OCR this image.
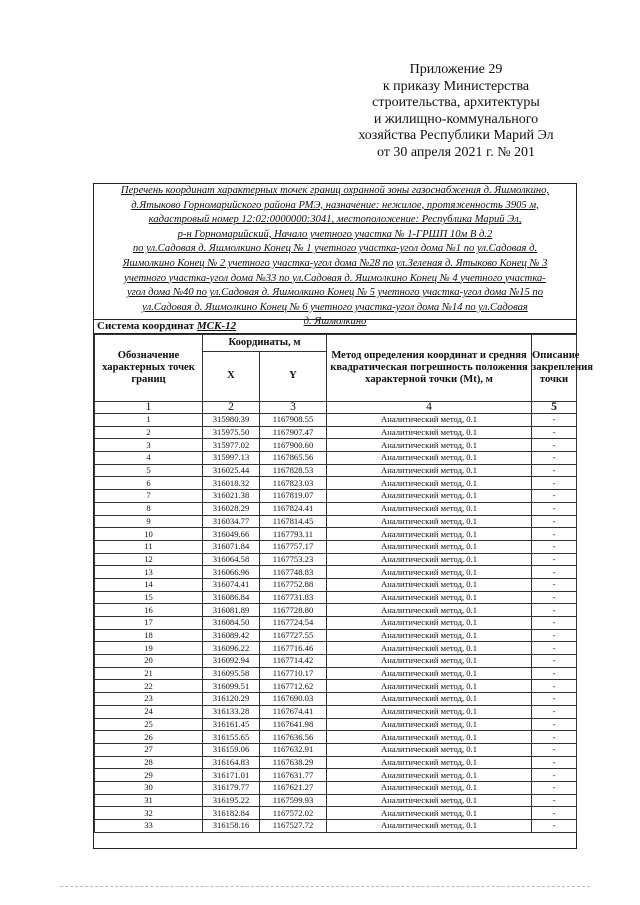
Приложение 29
к приказу Министерства
строительства, архитектуры
и жилищно-коммунального
хозяйства Республики Марий Эл
от 30 апреля 2021 г. № 201
Перечень координат характерных точек границ охранной зоны газоснабжения д. Яшмолкино,
д.Ятыково Горномарийского района РМЭ, назначение: нежилое, протяженность 3905 м,
кадастровый номер 12:02:0000000:3041, местоположение: Республика Марий Эл,
р-н Горномарийский, Начало учетного участка № 1-ГРШП 10м В д.2
по ул.Садовая д. Яшмолкино Конец № 1 учетного участка-угол дома №1 по ул.Садовая д.
Яшмолкино Конец № 2 учетного участка-угол дома №28 по ул.Зеленая д. Ятыково Конец № 3
учетного участка-угол дома №33 по ул.Садовая д. Яшмолкино Конец № 4 учетного участка-
угол дома №40 по ул.Садовая д. Яшмолкино Конец № 5 учетного участка-угол дома №15 по
ул.Садовая д. Яшмолкино Конец № 6 учетного участка-угол дома №14 по ул.Садовая
д. Яшмолкино
Система координат МСК-12
Обозначение характерных точек границ	Координаты, м		Метод определения координат и средняя квадратическая погрешность положения характерной точки (Mt), м	Описание закрепления точки
	X	Y		
1	2	3	4	5
1	315980.39	1167908.55	Аналитический метод, 0.1	-
2	315975.50	1167907.47	Аналитический метод, 0.1	-
3	315977.02	1167900.60	Аналитический метод, 0.1	-
4	315997.13	1167865.56	Аналитический метод, 0.1	-
5	316025.44	1167828.53	Аналитический метод, 0.1	-
6	316018.32	1167823.03	Аналитический метод, 0.1	-
7	316021.38	1167819.07	Аналитический метод, 0.1	-
8	316028.29	1167824.41	Аналитический метод, 0.1	-
9	316034.77	1167814.45	Аналитический метод, 0.1	-
10	316049.66	1167793.11	Аналитический метод, 0.1	-
11	316071.84	1167757.17	Аналитический метод, 0.1	-
12	316064.58	1167753.23	Аналитический метод, 0.1	-
13	316066.96	1167748.83	Аналитический метод, 0.1	-
14	316074.41	1167752.88	Аналитический метод, 0.1	-
15	316086.84	1167731.83	Аналитический метод, 0.1	-
16	316081.89	1167728.80	Аналитический метод, 0.1	-
17	316084.50	1167724.54	Аналитический метод, 0.1	-
18	316089.42	1167727.55	Аналитический метод, 0.1	-
19	316096.22	1167716.46	Аналитический метод, 0.1	-
20	316092.94	1167714.42	Аналитический метод, 0.1	-
21	316095.58	1167710.17	Аналитический метод, 0.1	-
22	316099.51	1167712.62	Аналитический метод, 0.1	-
23	316120.29	1167690.03	Аналитический метод, 0.1	-
24	316133.28	1167674.41	Аналитический метод, 0.1	-
25	316161.45	1167641.98	Аналитический метод, 0.1	-
26	316155.65	1167636.56	Аналитический метод, 0.1	-
27	316159.06	1167632.91	Аналитический метод, 0.1	-
28	316164.83	1167638.29	Аналитический метод, 0.1	-
29	316171.01	1167631.77	Аналитический метод, 0.1	-
30	316179.77	1167621.27	Аналитический метод, 0.1	-
31	316195.22	1167599.93	Аналитический метод, 0.1	-
32	316182.84	1167572.02	Аналитический метод, 0.1	-
33	316158.16	1167527.72	Аналитический метод, 0.1	-
